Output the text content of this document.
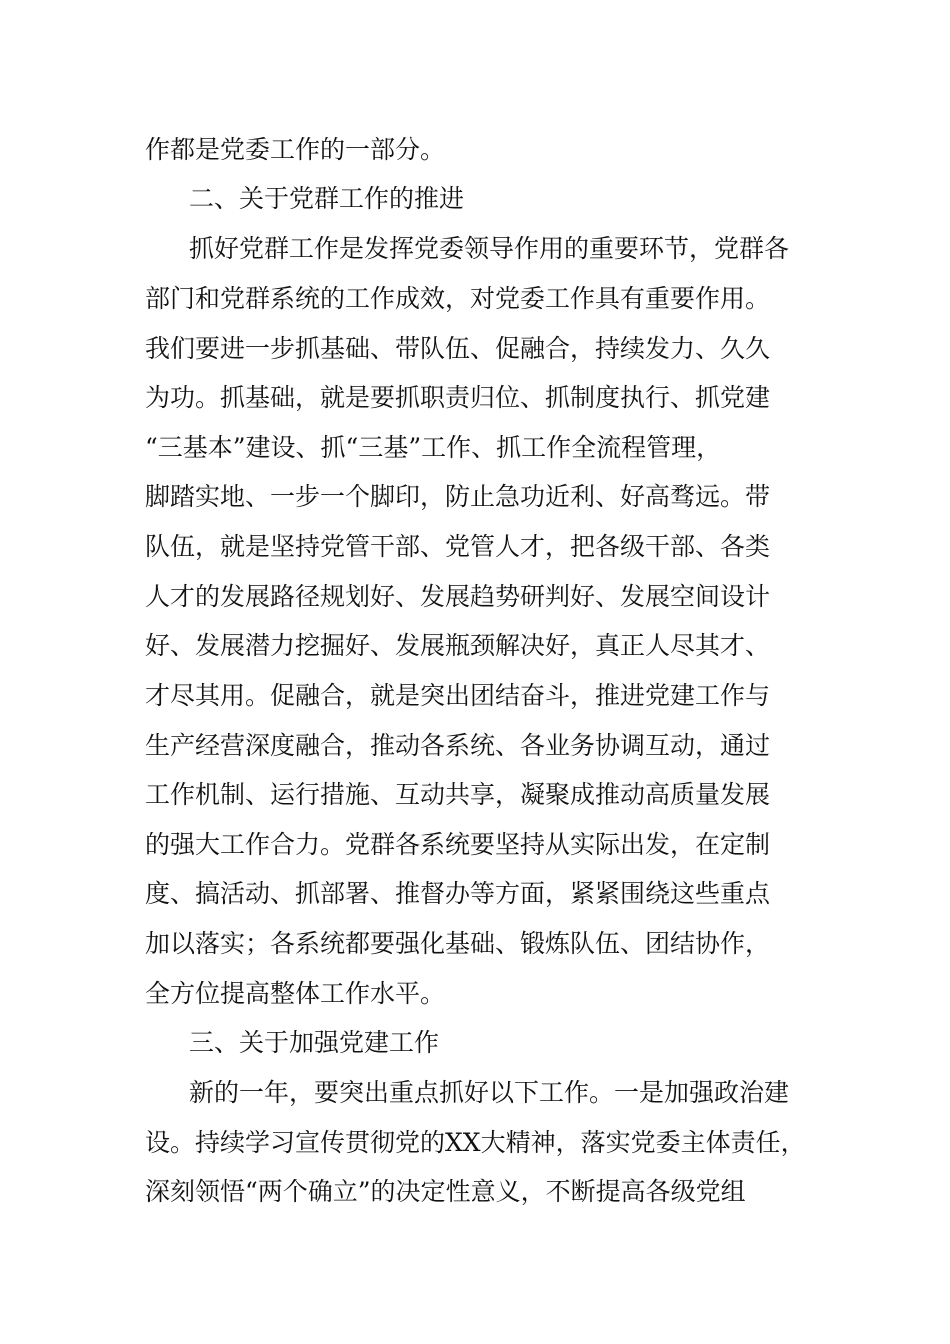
作都是党委工作的一部分。
二、关于党群工作的推进
抓好党群工作是发挥党委领导作用的重要环节，党群各
部门和党群系统的工作成效，对党委工作具有重要作用。
我们要进一步抓基础、带队伍、促融合，持续发力、久久
为功。抓基础，就是要抓职责归位、抓制度执行、抓党建
“三基本”建设、抓“三基”工作、抓工作全流程管理，
脚踏实地、一步一个脚印，防止急功近利、好高骛远。带
队伍，就是坚持党管干部、党管人才，把各级干部、各类
人才的发展路径规划好、发展趋势研判好、发展空间设计
好、发展潜力挖掘好、发展瓶颈解决好，真正人尽其才、
才尽其用。促融合，就是突出团结奋斗，推进党建工作与
生产经营深度融合，推动各系统、各业务协调互动，通过
工作机制、运行措施、互动共享，凝聚成推动高质量发展
的强大工作合力。党群各系统要坚持从实际出发，在定制
度、搞活动、抓部署、推督办等方面，紧紧围绕这些重点
加以落实；各系统都要强化基础、锻炼队伍、团结协作，
全方位提高整体工作水平。
三、关于加强党建工作
新的一年，要突出重点抓好以下工作。一是加强政治建
设。持续学习宣传贯彻党的XX大精神，落实党委主体责任，
深刻领悟“两个确立”的决定性意义，不断提高各级党组
